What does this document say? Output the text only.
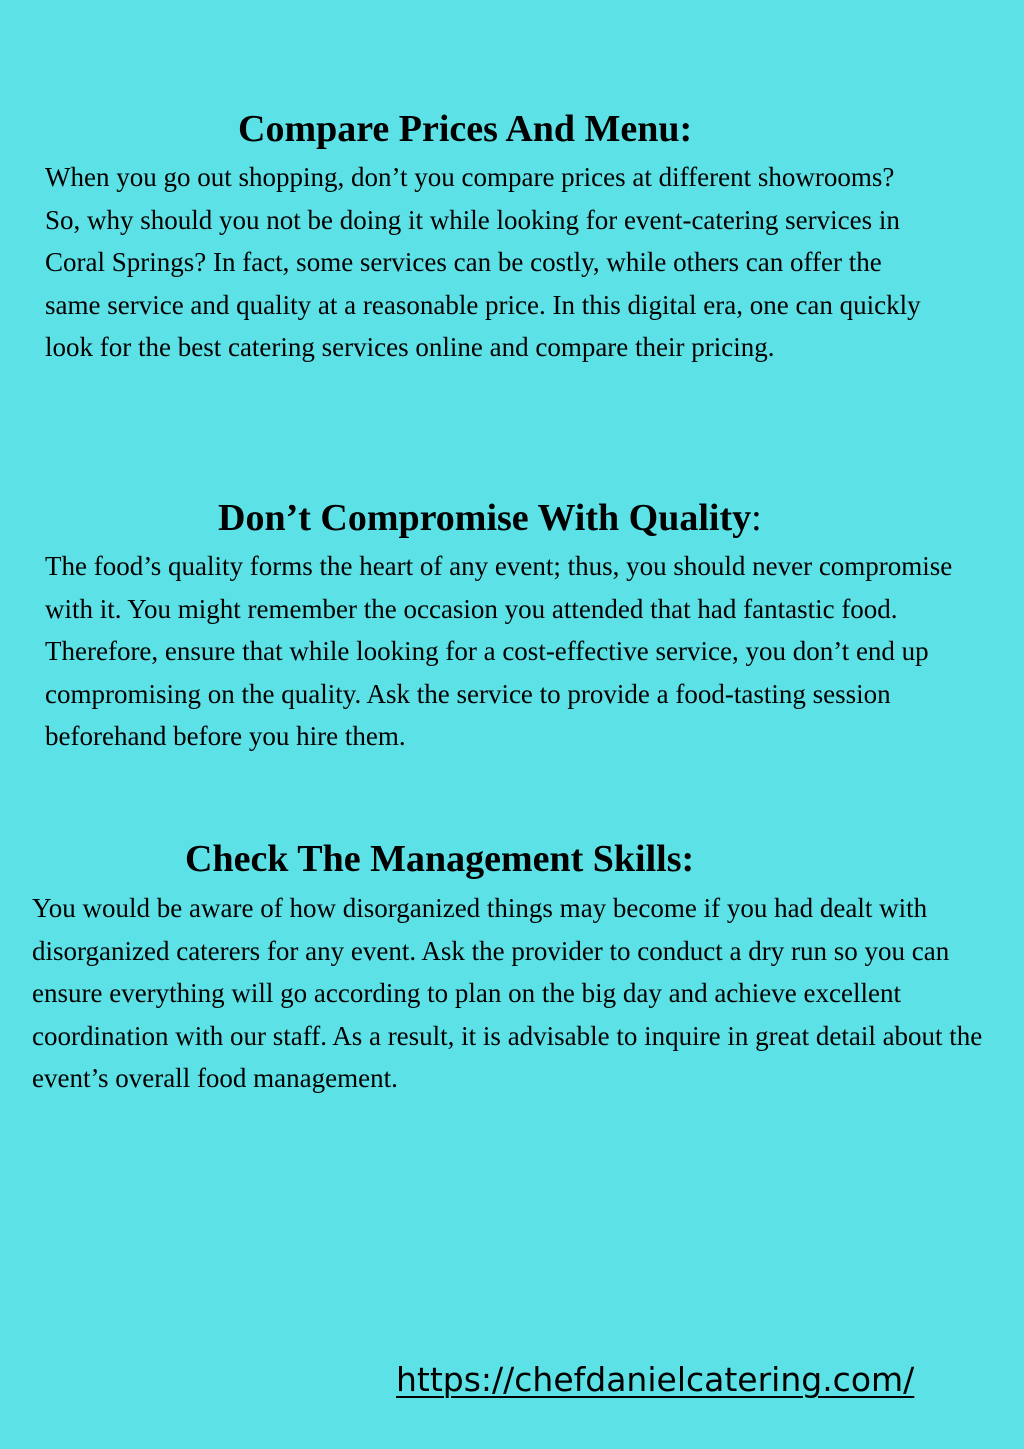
Compare Prices And Menu:

When you go out shopping, don’t you compare prices at different showrooms? So, why should you not be doing it while looking for event-catering services in Coral Springs? In fact, some services can be costly, while others can offer the same service and quality at a reasonable price. In this digital era, one can quickly look for the best catering services online and compare their pricing.

Don’t Compromise With Quality:

The food’s quality forms the heart of any event; thus, you should never compromise with it. You might remember the occasion you attended that had fantastic food. Therefore, ensure that while looking for a cost-effective service, you don’t end up compromising on the quality. Ask the service to provide a food-tasting session beforehand before you hire them.

Check The Management Skills:

You would be aware of how disorganized things may become if you had dealt with disorganized caterers for any event. Ask the provider to conduct a dry run so you can ensure everything will go according to plan on the big day and achieve excellent coordination with our staff. As a result, it is advisable to inquire in great detail about the event’s overall food management.

https://chefdanielcatering.com/
